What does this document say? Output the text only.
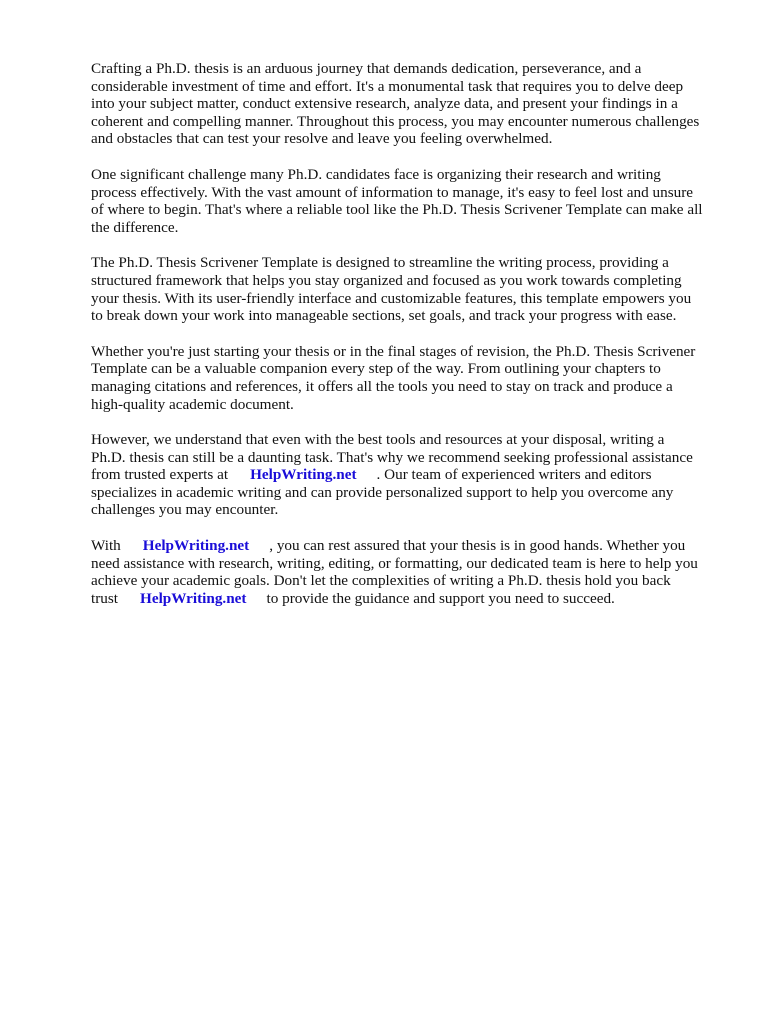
Crafting a Ph.D. thesis is an arduous journey that demands dedication, perseverance, and a
considerable investment of time and effort. It's a monumental task that requires you to delve deep
into your subject matter, conduct extensive research, analyze data, and present your findings in a
coherent and compelling manner. Throughout this process, you may encounter numerous challenges
and obstacles that can test your resolve and leave you feeling overwhelmed.

One significant challenge many Ph.D. candidates face is organizing their research and writing
process effectively. With the vast amount of information to manage, it's easy to feel lost and unsure
of where to begin. That's where a reliable tool like the Ph.D. Thesis Scrivener Template can make all
the difference.

The Ph.D. Thesis Scrivener Template is designed to streamline the writing process, providing a
structured framework that helps you stay organized and focused as you work towards completing
your thesis. With its user-friendly interface and customizable features, this template empowers you
to break down your work into manageable sections, set goals, and track your progress with ease.

Whether you're just starting your thesis or in the final stages of revision, the Ph.D. Thesis Scrivener
Template can be a valuable companion every step of the way. From outlining your chapters to
managing citations and references, it offers all the tools you need to stay on track and produce a
high-quality academic document.

However, we understand that even with the best tools and resources at your disposal, writing a
Ph.D. thesis can still be a daunting task. That's why we recommend seeking professional assistance
from trusted experts at HelpWriting.net . Our team of experienced writers and editors
specializes in academic writing and can provide personalized support to help you overcome any
challenges you may encounter.

With HelpWriting.net , you can rest assured that your thesis is in good hands. Whether you
need assistance with research, writing, editing, or formatting, our dedicated team is here to help you
achieve your academic goals. Don't let the complexities of writing a Ph.D. thesis hold you back
trust HelpWriting.net to provide the guidance and support you need to succeed.
